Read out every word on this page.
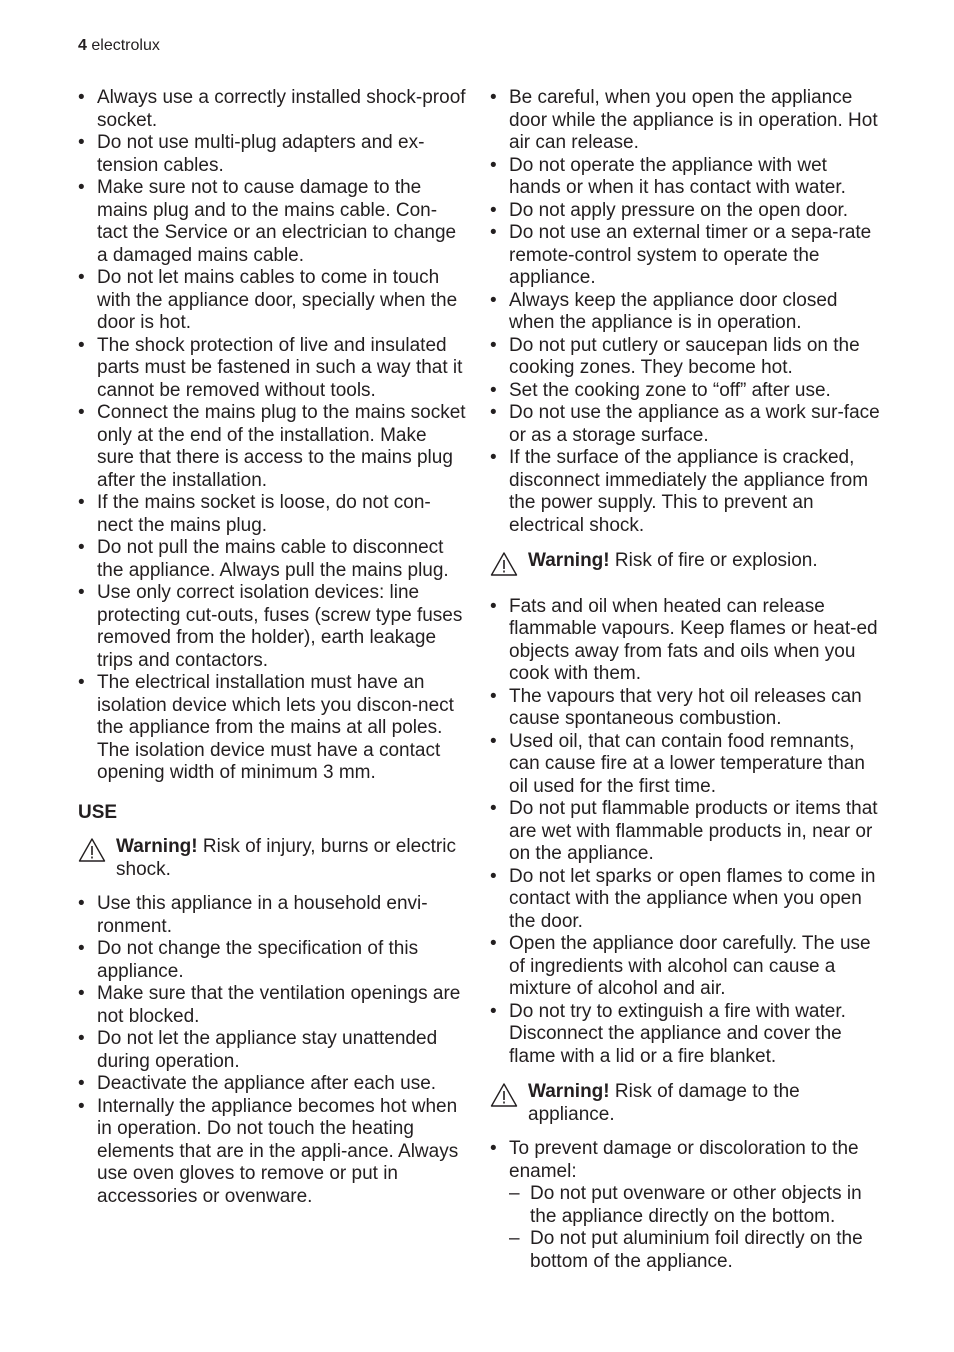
4 electrolux
• Always use a correctly installed shock-proof socket.
• Do not use multi-plug adapters and ex-tension cables.
• Make sure not to cause damage to the mains plug and to the mains cable. Con-tact the Service or an electrician to change a damaged mains cable.
• Do not let mains cables to come in touch with the appliance door, specially when the door is hot.
• The shock protection of live and insulated parts must be fastened in such a way that it cannot be removed without tools.
• Connect the mains plug to the mains socket only at the end of the installation. Make sure that there is access to the mains plug after the installation.
• If the mains socket is loose, do not con-nect the mains plug.
• Do not pull the mains cable to disconnect the appliance. Always pull the mains plug.
• Use only correct isolation devices: line protecting cut-outs, fuses (screw type fuses removed from the holder), earth leakage trips and contactors.
• The electrical installation must have an isolation device which lets you discon-nect the appliance from the mains at all poles. The isolation device must have a contact opening width of minimum 3 mm.
USE
Warning! Risk of injury, burns or electric shock.
• Use this appliance in a household envi-ronment.
• Do not change the specification of this appliance.
• Make sure that the ventilation openings are not blocked.
• Do not let the appliance stay unattended during operation.
• Deactivate the appliance after each use.
• Internally the appliance becomes hot when in operation. Do not touch the heating elements that are in the appli-ance. Always use oven gloves to remove or put in accessories or ovenware.
• Be careful, when you open the appliance door while the appliance is in operation. Hot air can release.
• Do not operate the appliance with wet hands or when it has contact with water.
• Do not apply pressure on the open door.
• Do not use an external timer or a sepa-rate remote-control system to operate the appliance.
• Always keep the appliance door closed when the appliance is in operation.
• Do not put cutlery or saucepan lids on the cooking zones. They become hot.
• Set the cooking zone to “off” after use.
• Do not use the appliance as a work sur-face or as a storage surface.
• If the surface of the appliance is cracked, disconnect immediately the appliance from the power supply. This to prevent an electrical shock.
Warning! Risk of fire or explosion.
• Fats and oil when heated can release flammable vapours. Keep flames or heat-ed objects away from fats and oils when you cook with them.
• The vapours that very hot oil releases can cause spontaneous combustion.
• Used oil, that can contain food remnants, can cause fire at a lower temperature than oil used for the first time.
• Do not put flammable products or items that are wet with flammable products in, near or on the appliance.
• Do not let sparks or open flames to come in contact with the appliance when you open the door.
• Open the appliance door carefully. The use of ingredients with alcohol can cause a mixture of alcohol and air.
• Do not try to extinguish a fire with water. Disconnect the appliance and cover the flame with a lid or a fire blanket.
Warning! Risk of damage to the appliance.
• To prevent damage or discoloration to the enamel:
– Do not put ovenware or other objects in the appliance directly on the bottom.
– Do not put aluminium foil directly on the bottom of the appliance.
